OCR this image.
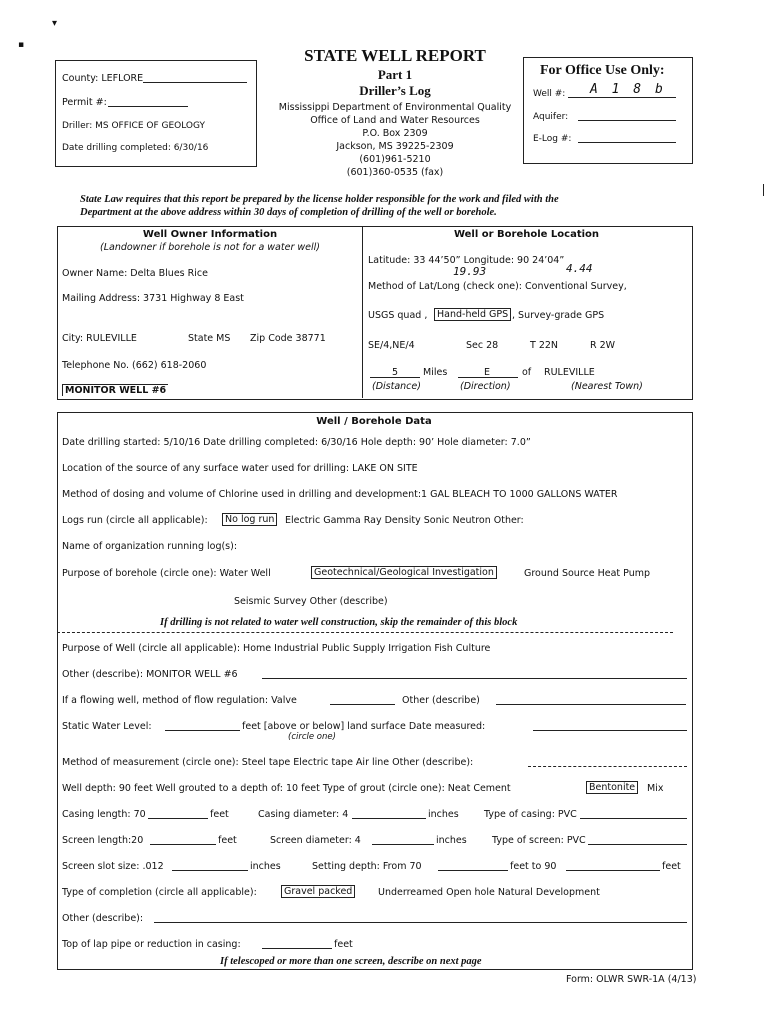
▾
▪
County: LEFLORE
Permit #:
Driller: MS OFFICE OF GEOLOGY
Date drilling completed: 6/30/16
STATE WELL REPORT
Part 1
Driller’s Log
Mississippi Department of Environmental Quality
Office of Land and Water Resources
P.O. Box 2309
Jackson, MS 39225-2309
(601)961-5210
(601)360-0535 (fax)
For Office Use Only:
Well #: A 1 8 b
Aquifer:
E-Log #:
State Law requires that this report be prepared by the license holder responsible for the work and filed with the
Department at the above address within 30 days of completion of drilling of the well or borehole.
Well Owner Information
(Landowner if borehole is not for a water well)
Owner Name: Delta Blues Rice
Mailing Address: 3731 Highway 8 East
City: RULEVILLE	State MS Zip Code 38771
Telephone No. (662) 618-2060
MONITOR WELL #6
Well or Borehole Location
Latitude: 33 44’50” Longitude: 90 24’04”
19.93	4.44
Method of Lat/Long (check one): Conventional Survey,
USGS quad ,	Hand-held GPS , Survey-grade GPS
SE/4,NE/4	Sec 28	T 22N	R 2W
5	Miles	E	of RULEVILLE
(Distance)	(Direction)	(Nearest Town)
Well / Borehole Data
Date drilling started: 5/10/16 Date drilling completed: 6/30/16 Hole depth: 90’ Hole diameter: 7.0”
Location of the source of any surface water used for drilling: LAKE ON SITE
Method of dosing and volume of Chlorine used in drilling and development:1 GAL BLEACH TO 1000 GALLONS WATER
Logs run (circle all applicable):	No log run	Electric Gamma Ray Density Sonic Neutron Other:
Name of organization running log(s):
Purpose of borehole (circle one): Water Well	Geotechnical/Geological Investigation	Ground Source Heat Pump
Seismic Survey Other (describe)
If drilling is not related to water well construction, skip the remainder of this block
Purpose of Well (circle all applicable): Home Industrial Public Supply Irrigation Fish Culture
Other (describe): MONITOR WELL #6
If a flowing well, method of flow regulation: Valve	Other (describe)
Static Water Level:	feet [above or below] land surface Date measured:
(circle one)
Method of measurement (circle one): Steel tape Electric tape Air line Other (describe):
Well depth: 90 feet Well grouted to a depth of: 10 feet Type of grout (circle one): Neat Cement	Bentonite	Mix
Casing length: 70	feet	Casing diameter: 4	inches	Type of casing: PVC
Screen length:20	feet	Screen diameter: 4	inches	Type of screen: PVC
Screen slot size: .012	inches	Setting depth: From 70	feet to 90	feet
Type of completion (circle all applicable):	Gravel packed	Underreamed Open hole Natural Development
Other (describe):
Top of lap pipe or reduction in casing:	feet
If telescoped or more than one screen, describe on next page
Form: OLWR SWR-1A (4/13)
